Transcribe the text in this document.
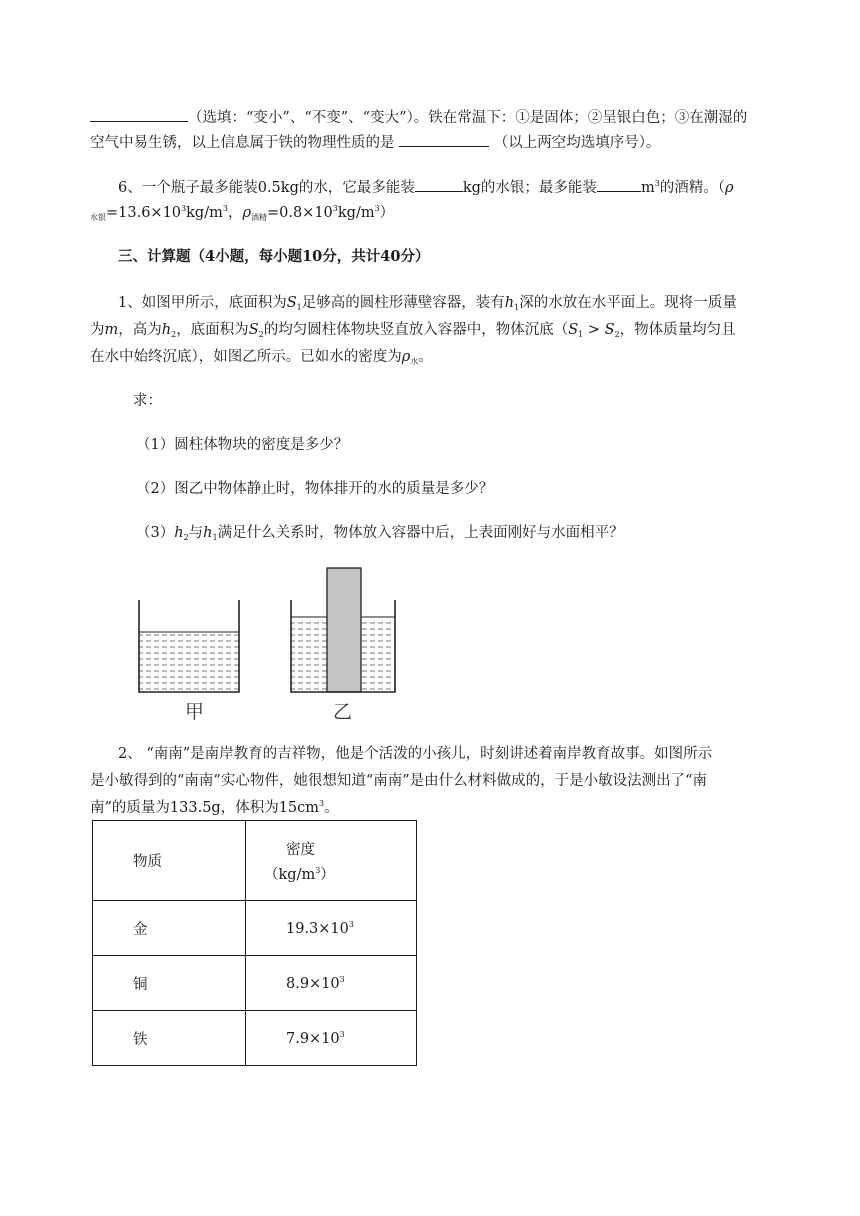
（选填：“变小”、“不变”、“变大”）。铁在常温下：①是固体；②呈银白色；③在潮湿的
空气中易生锈，以上信息属于铁的物理性质的是	（以上两空均选填序号）。
6、一个瓶子最多能装0.5kg的水，它最多能装	kg的水银；最多能装	$m^3$的酒精。（ρ
$_{水银}=13.6\times 10^3kg/m^3$，$\rho_{酒精}=0.8\times 10^3kg/m^3$）
三、计算题（4小题，每小题10分，共计40分）
1、如图甲所示，底面积为$S_1$足够高的圆柱形薄壁容器，装有$h_1$深的水放在水平面上。现将一质量
为m，高为$h_2$，底面积为$S_2$的均匀圆柱体物块竖直放入容器中，物体沉底（$S_1 > S_2$，物体质量均匀且
在水中始终沉底），如图乙所示。已如水的密度为$\rho_水$。
求：
（1）圆柱体物块的密度是多少？
（2）图乙中物体静止时，物体排开的水的质量是多少？
$(3)h_2$与$h_1$满足什么关系时，物体放入容器中后，上表面刚好与水面相平？
甲	乙
2、 “南南”是南岸教育的吉祥物，他是个活泼的小孩儿，时刻讲述着南岸教育故事。如图所示
是小敏得到的“南南”实心物件，她很想知道“南南”是由什么材料做成的，于是小敏设法测出了“南
南”的质量为133.5g，体积为$15cm^3$。
物质	密度
$(kg/m^3)$

金	$19.3\times 10^3$
铜	$8.9\times 10^3$
铁	$7.9\times 10^3$
